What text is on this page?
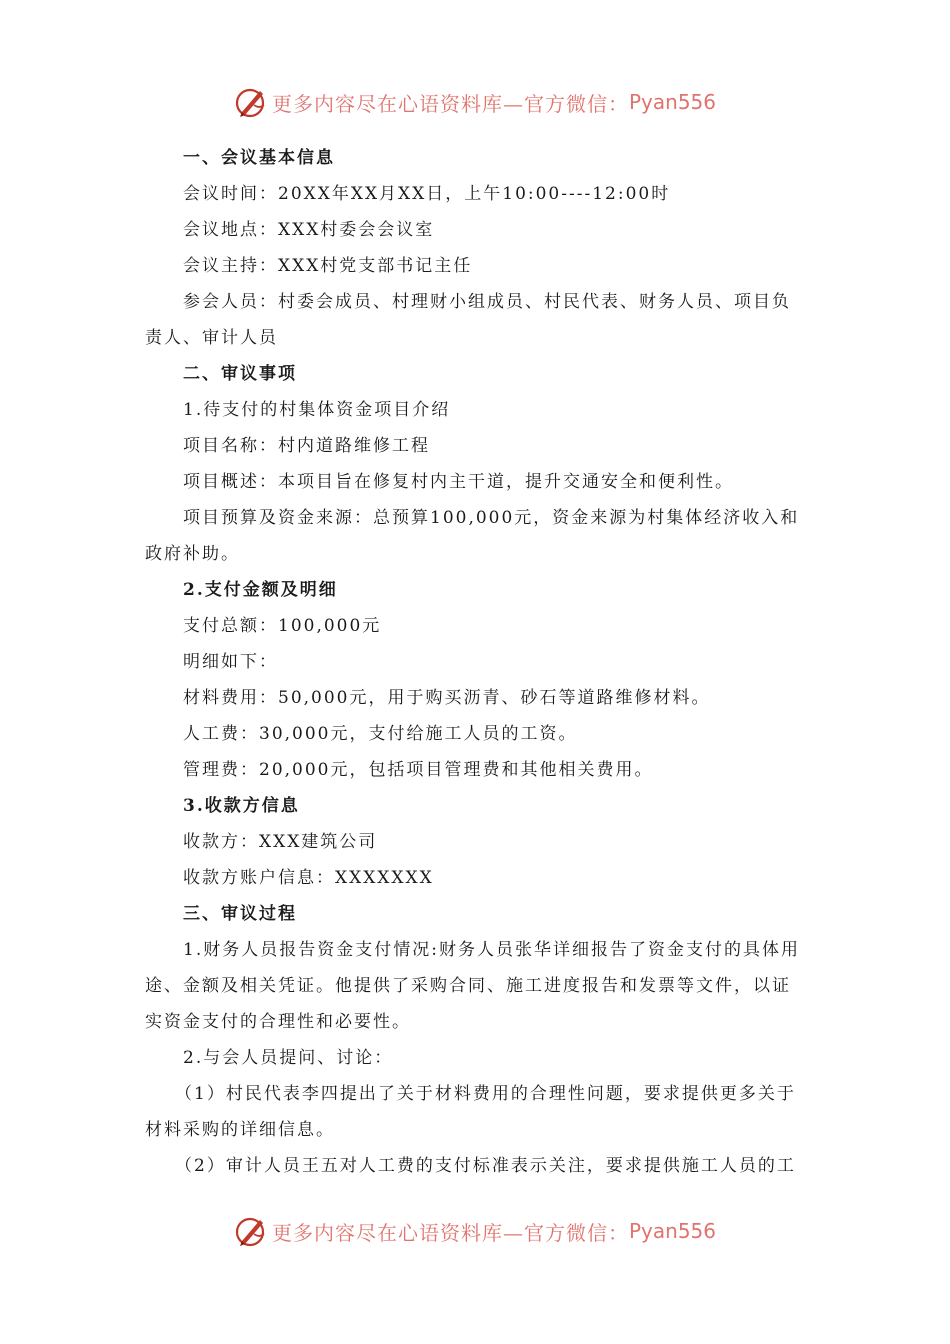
更多内容尽在心语资料库—官方微信： Pyan556

一、会议基本信息

会议时间：20XX年XX月XX日，上午10:00----12:00时

会议地点：XXX村委会会议室

会议主持：XXX村党支部书记主任

参会人员：村委会成员、村理财小组成员、村民代表、财务人员、项目负责人、审计人员

二、审议事项

1.待支付的村集体资金项目介绍

项目名称：村内道路维修工程

项目概述：本项目旨在修复村内主干道，提升交通安全和便利性。

项目预算及资金来源：总预算100,000元，资金来源为村集体经济收入和政府补助。

2.支付金额及明细

支付总额：100,000元

明细如下：

材料费用：50,000元，用于购买沥青、砂石等道路维修材料。

人工费：30,000元，支付给施工人员的工资。

管理费：20,000元，包括项目管理费和其他相关费用。

3.收款方信息

收款方：XXX建筑公司

收款方账户信息：XXXXXXX

三、审议过程

1.财务人员报告资金支付情况:财务人员张华详细报告了资金支付的具体用途、金额及相关凭证。他提供了采购合同、施工进度报告和发票等文件，以证实资金支付的合理性和必要性。

2.与会人员提问、讨论：

（1）村民代表李四提出了关于材料费用的合理性问题，要求提供更多关于材料采购的详细信息。

（2）审计人员王五对人工费的支付标准表示关注，要求提供施工人员的工

更多内容尽在心语资料库—官方微信： Pyan556
